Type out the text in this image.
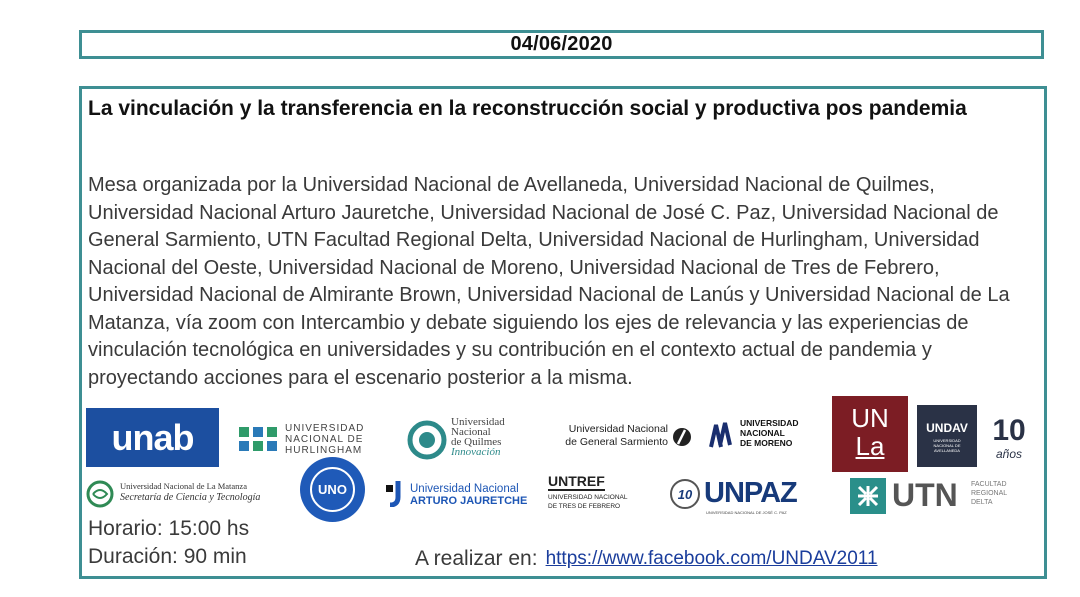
04/06/2020
La vinculación y la transferencia en la reconstrucción social y productiva pos pandemia
Mesa organizada por la Universidad Nacional de Avellaneda, Universidad Nacional de Quilmes, Universidad Nacional Arturo Jauretche, Universidad Nacional de José C. Paz, Universidad Nacional de General Sarmiento, UTN Facultad Regional Delta, Universidad Nacional de Hurlingham, Universidad Nacional del Oeste, Universidad Nacional de Moreno, Universidad Nacional de Tres de Febrero, Universidad Nacional de Almirante Brown, Universidad Nacional de Lanús y Universidad Nacional de La Matanza, vía zoom con Intercambio y debate siguiendo los ejes de relevancia y las experiencias de vinculación tecnológica en universidades y su contribución en el contexto actual de pandemia y proyectando acciones para el escenario posterior a la misma.
unab	UNIVERSIDAD
NACIONAL DE
HURLINGHAM
Universidad
Nacional
de Quilmes
Innovación
Universidad Nacional
de General Sarmiento
UNIVERSIDAD
NACIONAL
DE MORENO
UN
La
UNDAV
UNIVERSIDAD NACIONAL DE AVELLANEDA
10
años
Universidad Nacional de La Matanza
Secretaría de Ciencia y Tecnología
UNO	Universidad Nacional
ARTURO JAURETCHE
UNTREF
UNIVERSIDAD NACIONAL
DE TRES DE FEBRERO
10 UNPAZ
UNIVERSIDAD NACIONAL DE JOSÉ C. PAZ	UTN FACULTAD
REGIONAL
DELTA
Horario: 15:00 hs
Duración: 90 min	A realizar en: https://www.facebook.com/UNDAV2011
